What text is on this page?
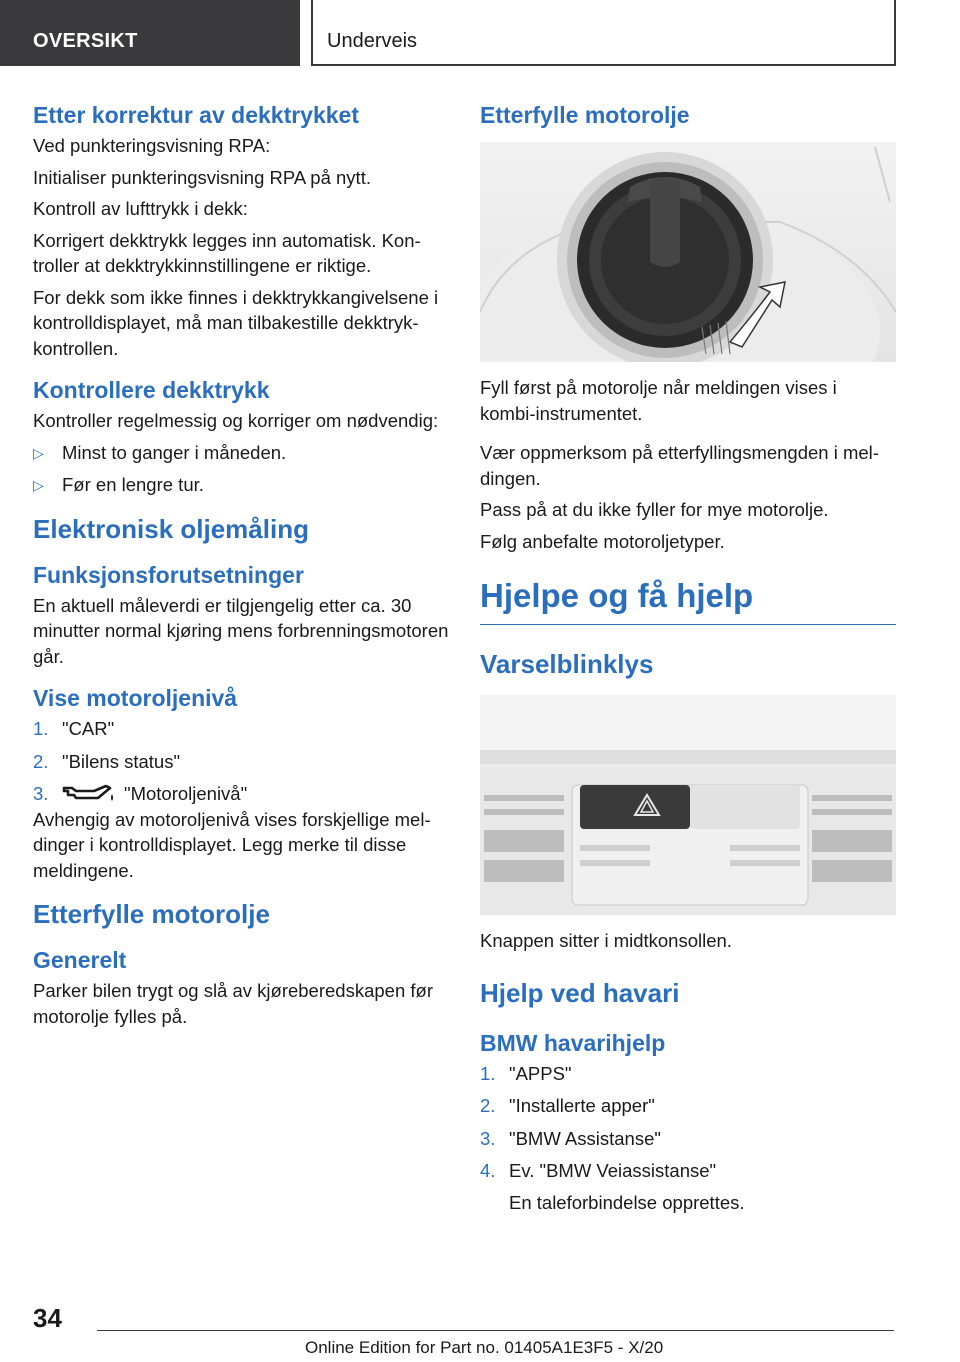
OVERSIKT	Underveis
Etter korrektur av dekktrykket

Ved punkteringsvisning RPA:

Initialiser punkteringsvisning RPA på nytt.

Kontroll av lufttrykk i dekk:

Korrigert dekktrykk legges inn automatisk. Kontroller at dekktrykkinnstillingene er riktige.

For dekk som ikke finnes i dekktrykkangivelsene i kontrolldisplayet, må man tilbakestille dekktrykkontrollen.

Kontrollere dekktrykk

Kontroller regelmessig og korriger om nødvendig:

▷ Minst to ganger i måneden.
▷ Før en lengre tur.
Elektronisk oljemåling
Funksjonsforutsetninger

En aktuell måleverdi er tilgjengelig etter ca. 30 minutter normal kjøring mens forbrenningsmotoren går.

Vise motoroljenivå
1. "CAR"
2. "Bilens status"
3.	"Motoroljenivå"

Avhengig av motoroljenivå vises forskjellige meldinger i kontrolldisplayet. Legg merke til disse meldingene.

Etterfylle motorolje
Generelt

Parker bilen trygt og slå av kjøreberedskapen før motorolje fylles på.

Etterfylle motorolje

Fyll først på motorolje når meldingen vises i kombi-instrumentet.

Vær oppmerksom på etterfyllingsmengden i meldingen.

Pass på at du ikke fyller for mye motorolje.

Følg anbefalte motoroljetyper.

Hjelpe og få hjelp
Varselblinklys

Knappen sitter i midtkonsollen.

Hjelp ved havari
BMW havarihjelp
1. "APPS"
2. "Installerte apper"
3. "BMW Assistanse"
4. Ev. "BMW Veiassistanse"
En taleforbindelse opprettes.
34
Online Edition for Part no. 01405A1E3F5 - X/20
